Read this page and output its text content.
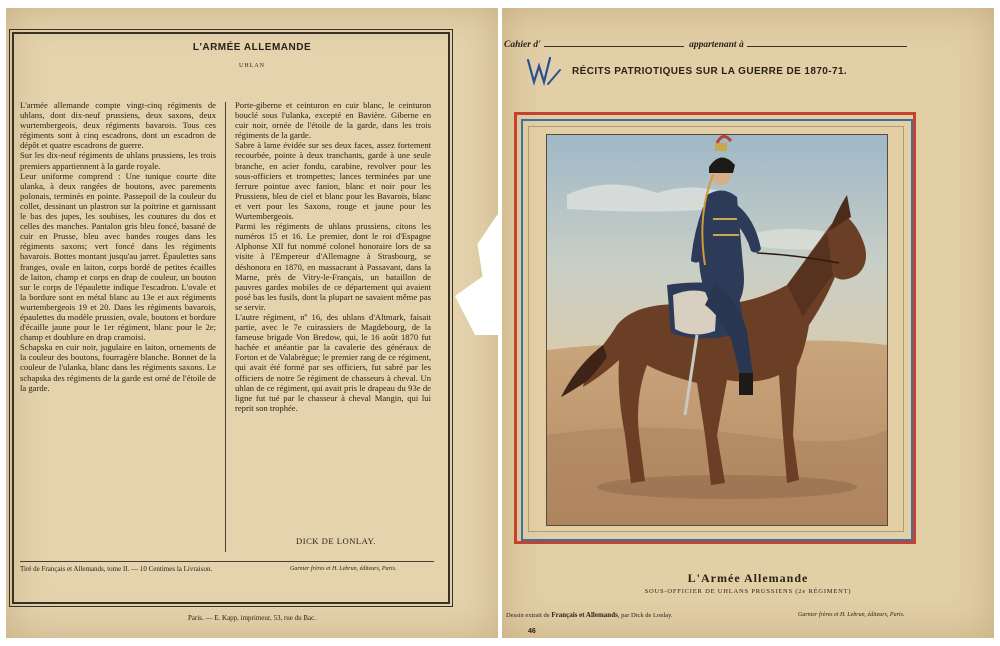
L'ARMÉE ALLEMANDE
UHLAN

L'armée allemande compte vingt-cinq régiments de uhlans, dont dix-neuf prussiens, deux saxons, deux wurtembergeois, deux régiments bavarois. Tous ces régiments sont à cinq escadrons, dont un escadron de dépôt et quatre escadrons de guerre.
Sur les dix-neuf régiments de uhlans prussiens, les trois premiers appartiennent à la garde royale.
Leur uniforme comprend : Une tunique courte dite ulanka, à deux rangées de boutons, avec parements polonais, terminés en pointe. Passepoil de la couleur du collet, dessinant un plastron sur la poitrine et garnissant le bas des jupes, les soubises, les coutures du dos et celles des manches. Pantalon gris bleu foncé, basané de cuir en Prusse, bleu avec bandes rouges dans les régiments saxons; vert foncé dans les régiments bavarois. Bottes montant jusqu'au jarret. Épaulettes sans franges, ovale en laiton, corps bordé de petites écailles de laiton, champ et corps en drap de couleur, un bouton sur le corps de l'épaulette indique l'escadron. L'ovale et la bordure sont en métal blanc au 13e et aux régiments wurtembergeois 19 et 20. Dans les régiments bavarois, épaulettes du modèle prussien, ovale, boutons et bordure d'écaille jaune pour le 1er régiment, blanc pour le 2e; champ et doublure en drap cramoisi.
Schapska en cuir noir, jugulaire en laiton, ornements de la couleur des boutons, fourragère blanche. Bonnet de la couleur de l'ulanka, blanc dans les régiments saxons. Le schapska des régiments de la garde est orné de l'étoile de la garde.

Porte-giberne et ceinturon en cuir blanc, le ceinturon bouclé sous l'ulanka, excepté en Bavière. Giberne en cuir noir, ornée de l'étoile de la garde, dans les trois régiments de la garde.
Sabre à lame évidée sur ses deux faces, assez fortement recourbée, pointe à deux tranchants, garde à une seule branche, en acier fondu, carabine, revolver pour les sous-officiers et trompettes; lances terminées par une ferrure pointue avec fanion, blanc et noir pour les Prussiens, bleu de ciel et blanc pour les Bavarois, blanc et vert pour les Saxons, rouge et jaune pour les Wurtembergeois.
Parmi les régiments de uhlans prussiens, citons les numéros 15 et 16. Le premier, dont le roi d'Espagne Alphonse XII fut nommé colonel honoraire lors de sa visite à l'Empereur d'Allemagne à Strasbourg, se déshonora en 1870, en massacrant à Passavant, dans la Marne, près de Vitry-le-Français, un bataillon de pauvres gardes mobiles de ce département qui avaient posé bas les fusils, dont la plupart ne savaient même pas se servir.
L'autre régiment, nº 16, des uhlans d'Altmark, faisait partie, avec le 7e cuirassiers de Magdebourg, de la fameuse brigade Von Bredow, qui, le 16 août 1870 fut hachée et anéantie par la cavalerie des généraux de Forton et de Valabrègue; le premier rang de ce régiment, qui avait été formé par ses officiers, fut sabré par les officiers de notre 5e régiment de chasseurs à cheval. Un uhlan de ce régiment, qui avait pris le drapeau du 93e de ligne fut tué par le chasseur à cheval Mangin, qui lui reprit son trophée.

DICK DE LONLAY.
Tiré de Français et Allemands, tome II. — 10 Centimes la Livraison.	Garnier frères et H. Lebrun, éditeurs, Paris.
Paris. — E. Kapp, imprimeur, 53, rue du Bac.
Cahier d'	appartenant à
RÉCITS PATRIOTIQUES SUR LA GUERRE DE 1870-71.
L'Armée Allemande
SOUS-OFFICIER DE UHLANS PRUSSIENS (2e RÉGIMENT)
Dessin extrait de Français et Allemands, par Dick de Lonlay.	Garnier frères et H. Lebrun, éditeurs, Paris.
46
